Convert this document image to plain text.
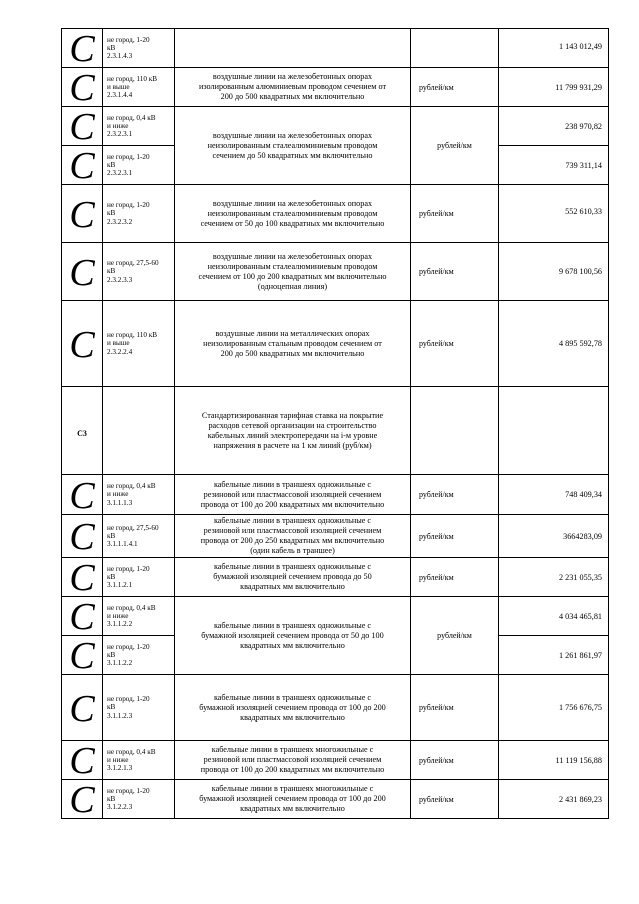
C	не город, 1-20
кВ
2.3.1.4.3			1 143 012,49
C	не город, 110 кВ
и выше
2.3.1.4.4	воздушные линии на железобетонных опорах
изолированным алюминиевым проводом сечением от
200 до 500 квадратных мм включительно	рублей/км	11 799 931,29
C	не город, 0,4 кВ
и ниже
2.3.2.3.1	воздушные линии на железобетонных опорах
неизолированным сталеалюминиевым проводом
сечением до 50 квадратных мм включительно	рублей/км	238 970,82
C	не город, 1-20
кВ
2.3.2.3.1			739 311,14
C	не город, 1-20
кВ
2.3.2.3.2	воздушные линии на железобетонных опорах
неизолированным сталеалюминиевым проводом
сечением от 50 до 100 квадратных мм включительно	рублей/км	552 610,33
C	не город, 27,5-60
кВ
2.3.2.3.3	воздушные линии на железобетонных опорах
неизолированным сталеалюминиевым проводом
сечением от 100 до 200 квадратных мм включительно
(одноцепная линия)	рублей/км	9 678 100,56
C	не город, 110 кВ
и выше
2.3.2.2.4	воздушные линии на металлических опорах
неизолированным стальным проводом сечением от
200 до 500 квадратных мм включительно	рублей/км	4 895 592,78
C3		Стандартизированная тарифная ставка на покрытие
расходов сетевой организации на строительство
кабельных линий электропередачи на i-м уровне
напряжения в расчете на 1 км линий (руб/км)		
C	не город, 0,4 кВ
и ниже
3.1.1.1.3	кабельные линии в траншеях одножильные с
резиновой или пластмассовой изоляцией сечением
провода от 100 до 200 квадратных мм включительно	рублей/км	748 409,34
C	не город, 27,5-60
кВ
3.1.1.1.4.1	кабельные линии в траншеях одножильные с
резиновой или пластмассовой изоляцией сечением
провода от 200 до 250 квадратных мм включительно
(один кабель в траншее)	рублей/км	3664283,09
C	не город, 1-20
кВ
3.1.1.2.1	кабельные линии в траншеях одножильные с
бумажной изоляцией сечением провода до 50
квадратных мм включительно	рублей/км	2 231 055,35
C	не город, 0,4 кВ
и ниже
3.1.1.2.2	кабельные линии в траншеях одножильные с
бумажной изоляцией сечением провода от 50 до 100
квадратных мм включительно	рублей/км	4 034 465,81
C	не город, 1-20
кВ
3.1.1.2.2			1 261 861,97
C	не город, 1-20
кВ
3.1.1.2.3	кабельные линии в траншеях одножильные с
бумажной изоляцией сечением провода от 100 до 200
квадратных мм включительно	рублей/км	1 756 676,75
C	не город, 0,4 кВ
и ниже
3.1.2.1.3	кабельные линии в траншеях многожильные с
резиновой или пластмассовой изоляцией сечением
провода от 100 до 200 квадратных мм включительно	рублей/км	11 119 156,88
C	не город, 1-20
кВ
3.1.2.2.3	кабельные линии в траншеях многожильные с
бумажной изоляцией сечением провода от 100 до 200
квадратных мм включительно	рублей/км	2 431 869,23
